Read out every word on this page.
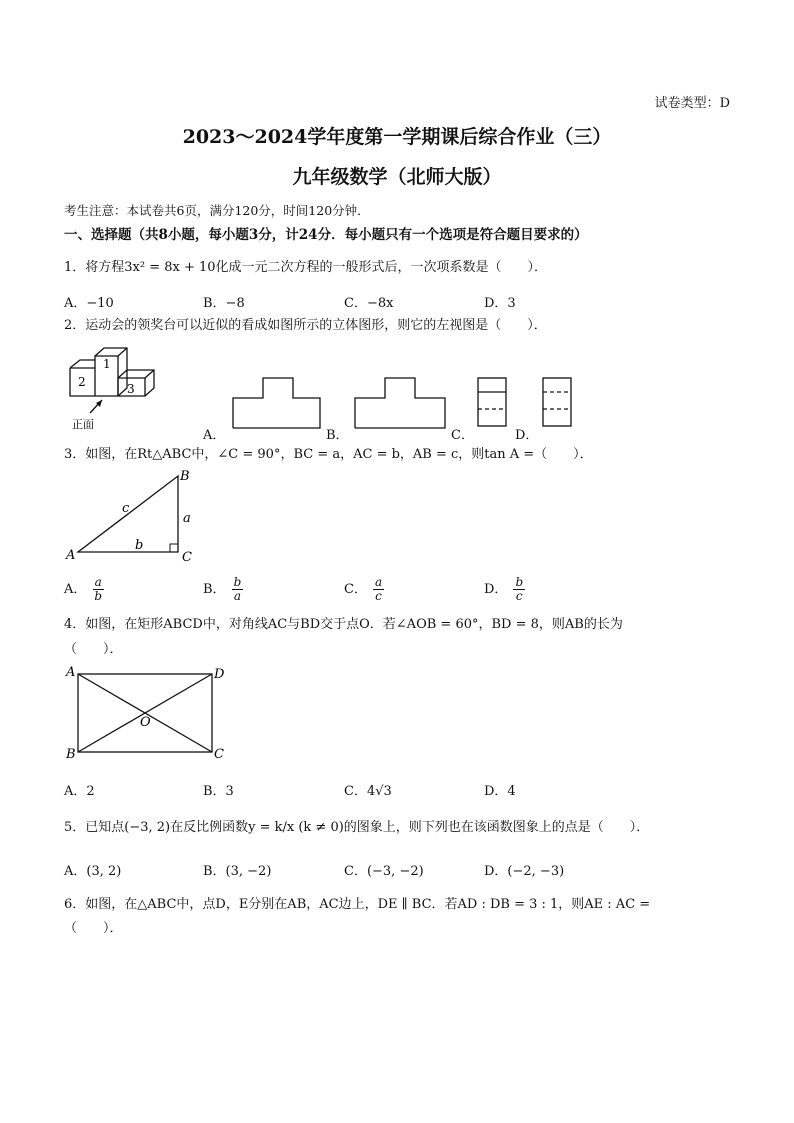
试卷类型：D
2023～2024学年度第一学期课后综合作业（三）
九年级数学（北师大版）
考生注意：本试卷共6页，满分120分，时间120分钟．
一、选择题（共8小题，每小题3分，计24分．每小题只有一个选项是符合题目要求的）
1．将方程3x² = 8x + 10化成一元二次方程的一般形式后，一次项系数是（　　）．
A．−10	B．−8	C．−8x	D．3
2．运动会的领奖台可以近似的看成如图所示的立体图形，则它的左视图是（　　）．
1
2	3
正面
A．	B．	C．	D．
3．如图，在Rt△ABC中，∠C = 90°，BC = a，AC = b，AB = c，则tan A =（　　）．
A
B
C
a
b
c
A． $\frac{a}{b}$	B． $\frac{b}{a}$	C． $\frac{a}{c}$	D． $\frac{b}{c}$
4．如图，在矩形ABCD中，对角线AC与BD交于点O．若∠AOB = 60°，BD = 8，则AB的长为
（　　）．
A	D
B	C
O
A．2	B．3	C．4√3	D．4
5．已知点(−3, 2)在反比例函数y = k/x (k ≠ 0)的图象上，则下列也在该函数图象上的点是（　　）．
A．(3, 2)	B．(3, −2)	C．(−3, −2)	D．(−2, −3)
6．如图，在△ABC中，点D，E分别在AB，AC边上，DE ∥ BC．若AD : DB = 3 : 1，则AE : AC =
（　　）．
